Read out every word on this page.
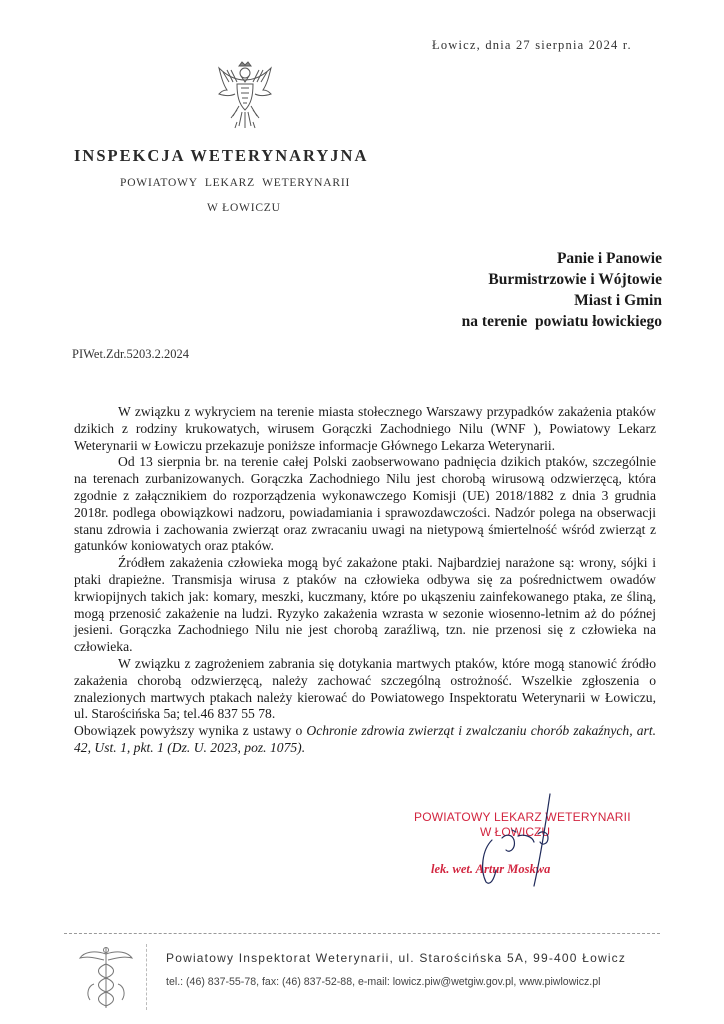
Łowicz, dnia 27 sierpnia 2024 r.
INSPEKCJA WETERYNARYJNA
POWIATOWY  LEKARZ  WETERYNARII
W ŁOWICZU
Panie i Panowie
Burmistrzowie i Wójtowie
Miast i Gmin
na terenie  powiatu łowickiego
PIWet.Zdr.5203.2.2024

W związku z wykryciem na terenie miasta stołecznego Warszawy przypadków zakażenia ptaków dzikich z rodziny krukowatych, wirusem Gorączki Zachodniego Nilu (WNF ), Powiatowy Lekarz Weterynarii w Łowiczu przekazuje poniższe informacje Głównego Lekarza Weterynarii.

Od 13 sierpnia br. na terenie całej Polski zaobserwowano padnięcia dzikich ptaków, szczególnie na terenach zurbanizowanych. Gorączka Zachodniego Nilu jest chorobą wirusową odzwierzęcą, która zgodnie z załącznikiem do rozporządzenia wykonawczego Komisji (UE) 2018/1882 z dnia 3 grudnia 2018r. podlega obowiązkowi nadzoru, powiadamiania i sprawozdawczości. Nadzór polega na obserwacji stanu zdrowia i zachowania zwierząt oraz zwracaniu uwagi na nietypową śmiertelność wśród zwierząt z gatunków koniowatych oraz ptaków.

Źródłem zakażenia człowieka mogą być zakażone ptaki. Najbardziej narażone są: wrony, sójki i ptaki drapieżne. Transmisja wirusa z ptaków na człowieka odbywa się za pośrednictwem owadów krwiopijnych takich jak: komary, meszki, kuczmany, które po ukąszeniu zainfekowanego ptaka, ze śliną, mogą przenosić zakażenie na ludzi. Ryzyko zakażenia wzrasta w sezonie wiosenno-letnim aż do późnej jesieni. Gorączka Zachodniego Nilu nie jest chorobą zaraźliwą, tzn. nie przenosi się z człowieka na człowieka.

W związku z zagrożeniem zabrania się dotykania martwych ptaków, które mogą stanowić źródło zakażenia chorobą odzwierzęcą, należy zachować szczególną ostrożność. Wszelkie zgłoszenia o znalezionych martwych ptakach należy kierować do Powiatowego Inspektoratu Weterynarii w Łowiczu, ul. Starościńska 5a; tel.46 837 55 78.

Obowiązek powyższy wynika z ustawy o Ochronie zdrowia zwierząt i zwalczaniu chorób zakaźnych, art. 42, Ust. 1, pkt. 1 (Dz. U. 2023, poz. 1075).

POWIATOWY LEKARZ WETERYNARII
W ŁOWICZU
lek. wet. Artur Moskwa
Powiatowy Inspektorat Weterynarii, ul. Starościńska 5A, 99-400 Łowicz
tel.: (46) 837-55-78, fax: (46) 837-52-88, e-mail: lowicz.piw@wetgiw.gov.pl, www.piwlowicz.pl
